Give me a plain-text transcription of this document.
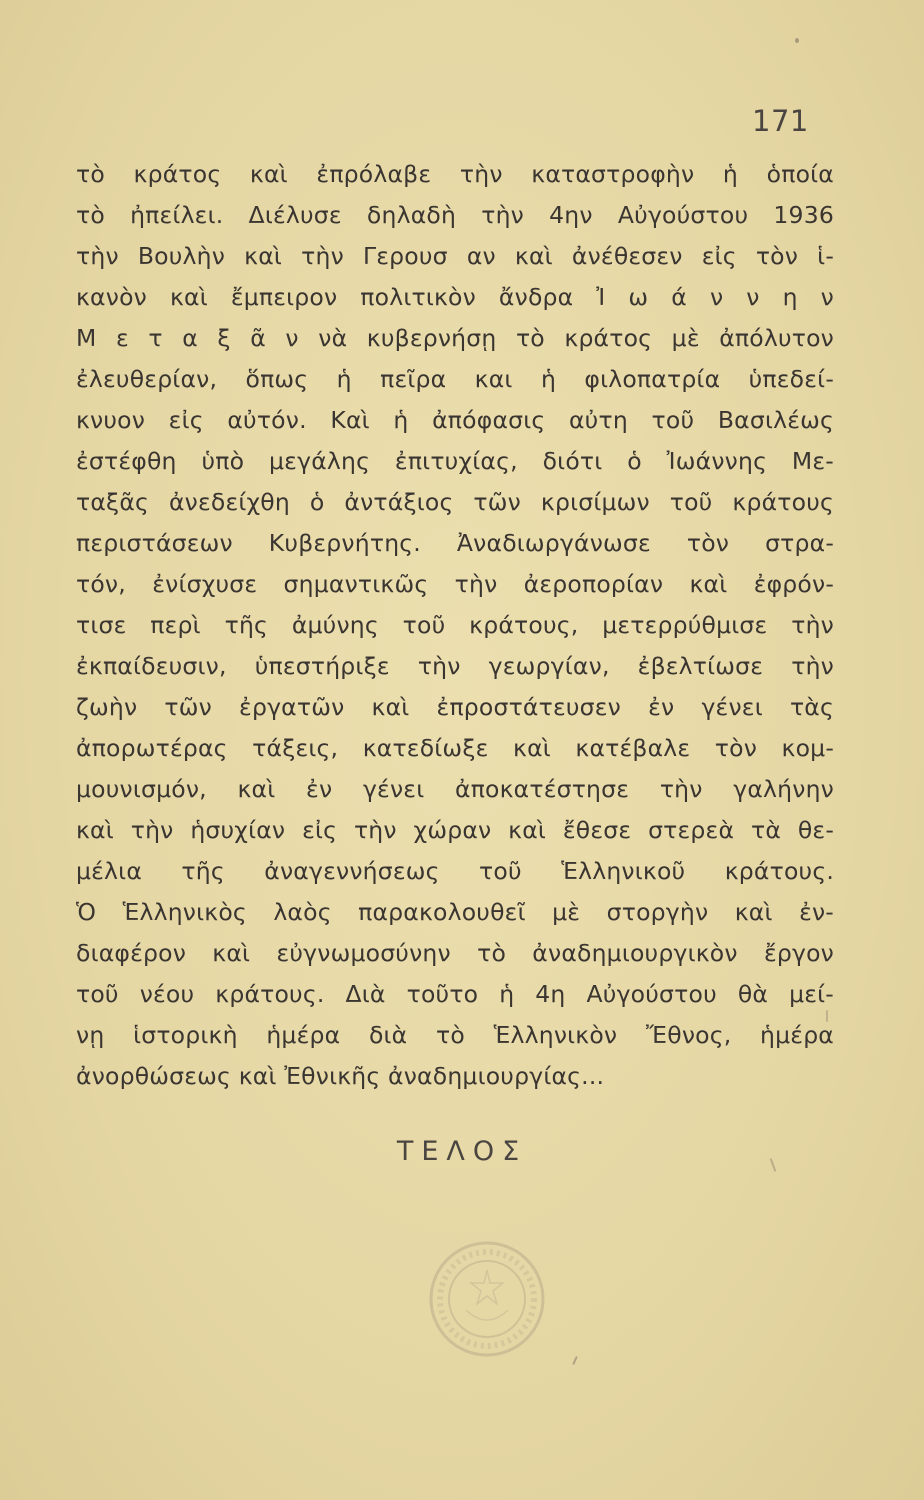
171
τὸ κράτος καὶ ἐπρόλαβε τὴν καταστροφὴν ἡ ὁποία
τὸ ἠπείλει. Διέλυσε δηλαδὴ τὴν 4ην Αὐγούστου 1936
τὴν Βουλὴν καὶ τὴν Γερουσ αν καὶ ἀνέθεσεν εἰς τὸν ἱ-
κανὸν καὶ ἔμπειρον πολιτικὸν ἄνδρα Ἰ ω ά ν ν η ν
Μ ε τ α ξ ᾶ ν νὰ κυβερνήσῃ τὸ κράτος μὲ ἀπόλυτον
ἐλευθερίαν, ὅπως ἡ πεῖρα και ἡ φιλοπατρία ὑπεδεί-
κνυον εἰς αὐτόν. Καὶ ἡ ἀπόφασις αὐτη τοῦ Βασιλέως
ἐστέφθη ὑπὸ μεγάλης ἐπιτυχίας, διότι ὁ Ἰωάννης Με-
ταξᾶς ἀνεδείχθη ὁ ἀντάξιος τῶν κρισίμων τοῦ κράτους
περιστάσεων Κυβερνήτης. Ἀναδιωργάνωσε τὸν στρα-
τόν, ἐνίσχυσε σημαντικῶς τὴν ἀεροπορίαν καὶ ἐφρόν-
τισε περὶ τῆς ἀμύνης τοῦ κράτους, μετερρύθμισε τὴν
ἐκπαίδευσιν, ὑπεστήριξε τὴν γεωργίαν, ἐβελτίωσε τὴν
ζωὴν τῶν ἐργατῶν καὶ ἐπροστάτευσεν ἐν γένει τὰς
ἀπορωτέρας τάξεις, κατεδίωξε καὶ κατέβαλε τὸν κομ-
μουνισμόν, καὶ ἐν γένει ἀποκατέστησε τὴν γαλήνην
καὶ τὴν ἡσυχίαν εἰς τὴν χώραν καὶ ἔθεσε στερεὰ τὰ θε-
μέλια τῆς ἀναγεννήσεως τοῦ Ἑλληνικοῦ κράτους.
Ὁ Ἑλληνικὸς λαὸς παρακολουθεῖ μὲ στοργὴν καὶ ἐν-
διαφέρον καὶ εὐγνωμοσύνην τὸ ἀναδημιουργικὸν ἔργον
τοῦ νέου κράτους. Διὰ τοῦτο ἡ 4η Αὐγούστου θὰ μεί-
νῃ ἱστορικὴ ἡμέρα διὰ τὸ Ἑλληνικὸν Ἔθνος, ἡμέρα
ἀνορθώσεως καὶ Ἐθνικῆς ἀναδημιουργίας...
ΤΕΛΟΣ
